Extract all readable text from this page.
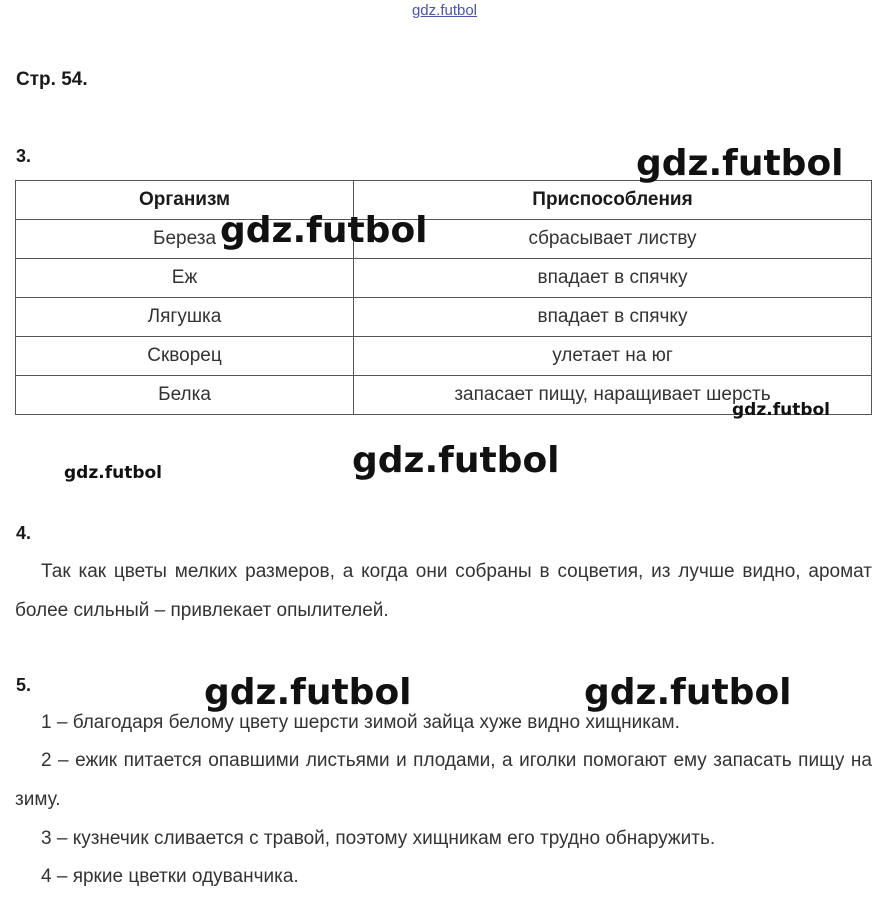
gdz.futbol
Стр. 54.
3.
Организм	Приспособления
Береза	сбрасывает листву
Еж	впадает в спячку
Лягушка	впадает в спячку
Скворец	улетает на юг
Белка	запасает пищу, наращивает шерсть
4.
Так как цветы мелких размеров, а когда они собраны в соцветия, из лучше видно, аромат более сильный – привлекает опылителей.
5.
1 – благодаря белому цвету шерсти зимой зайца хуже видно хищникам.
2 – ежик питается опавшими листьями и плодами, а иголки помогают ему запасать пищу на зиму.
3 – кузнечик сливается с травой, поэтому хищникам его трудно обнаружить.
4 – яркие цветки одуванчика.
gdz.futbol
gdz.futbol
gdz.futbol
gdz.futbol
gdz.futbol
gdz.futbol	gdz.futbol
